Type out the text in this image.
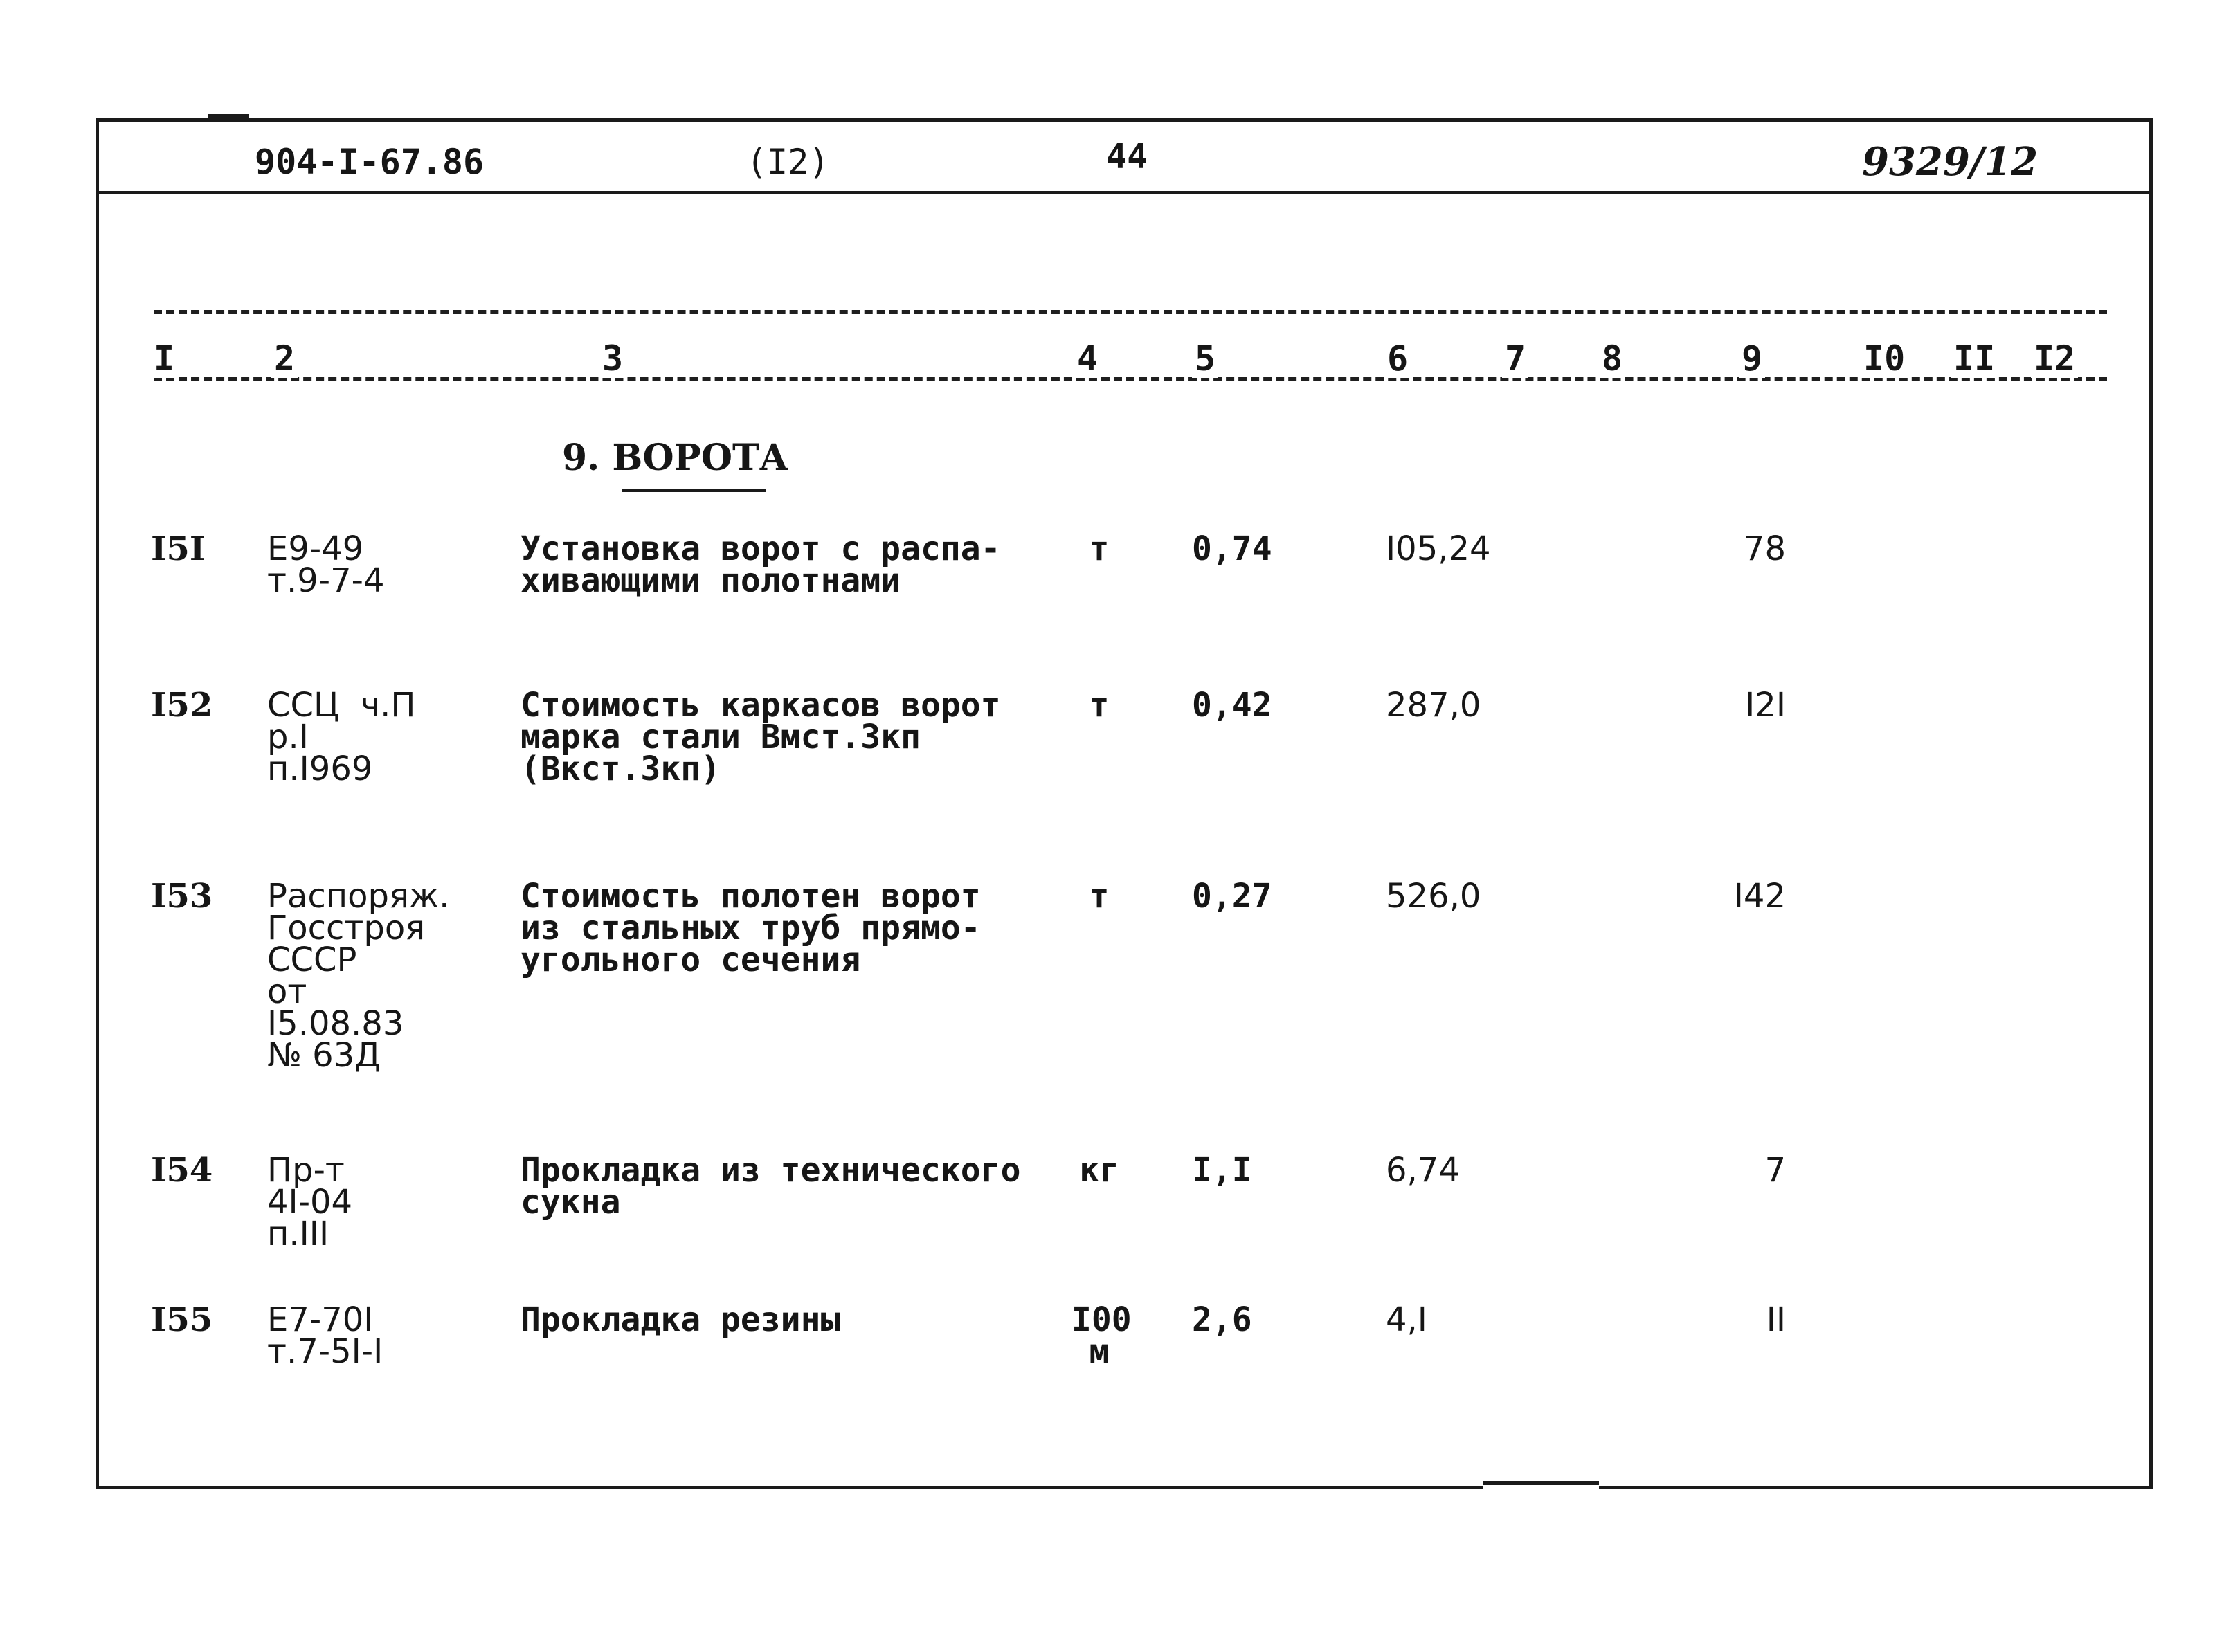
904-I-67.86	(I2)	44	9329/12
I	2	3	4	5	6	7 8	9	I0 II I2
9. ВОРОТА
I5I Е9-49
т.9-7-4
Установка ворот с распа-
хивающими полотнами
т	0,74	I05,24	78
I52 ССЦ  ч.П
р.I
п.I969
Стоимость каркасов ворот
марка стали Вмст.3кп
(Вкст.3кп)
т	0,42	287,0	I2I
I53 Распоряж.
Госстроя
СССР
от
I5.08.83
№ 63Д
Стоимость полотен ворот
из стальных труб прямо-
угольного сечения
т	0,27	526,0	I42
I54 Пр-т
4I-04
п.III
Прокладка из технического
сукна
кг I,I	6,74	7
I55 Е7-70I
т.7-5I-I
Прокладка резины	I00
м
2,6	4,I	II
